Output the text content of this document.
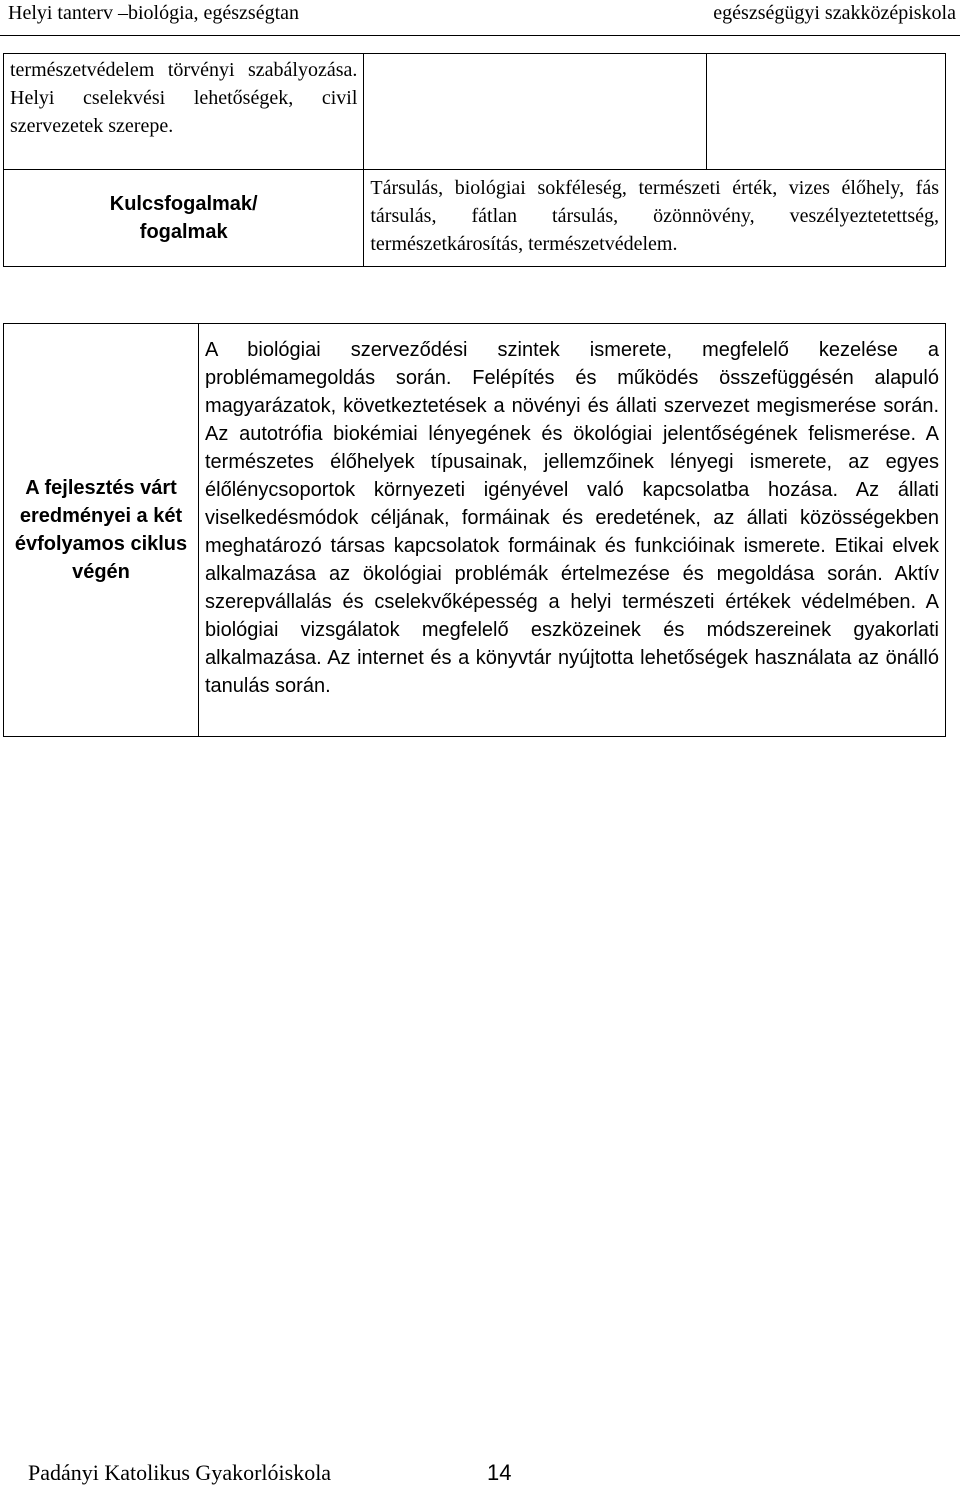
Helyi tanterv –biológia, egészségtan	egészségügyi szakközépiskola
természetvédelem törvényi szabályozása. Helyi cselekvési lehetőségek, civil szervezetek szerepe.		

Kulcsfogalmak/
fogalmak	Társulás, biológiai sokféleség, természeti érték, vizes élőhely, fás társulás, fátlan társulás, özönnövény, veszélyeztetettség, természetkárosítás, természetvédelem.	
A fejlesztés várt eredményei a két évfolyamos ciklus végén	A biológiai szerveződési szintek ismerete, megfelelő kezelése a problémamegoldás során. Felépítés és működés összefüggésén alapuló magyarázatok, következtetések a növényi és állati szervezet megismerése során. Az autotrófia biokémiai lényegének és ökológiai jelentőségének felismerése. A természetes élőhelyek típusainak, jellemzőinek lényegi ismerete, az egyes élőlénycsoportok környezeti igényével való kapcsolatba hozása. Az állati viselkedésmódok céljának, formáinak és eredetének, az állati közösségekben meghatározó társas kapcsolatok formáinak és funkcióinak ismerete. Etikai elvek alkalmazása az ökológiai problémák értelmezése és megoldása során. Aktív szerepvállalás és cselekvőképesség a helyi természeti értékek védelmében. A biológiai vizsgálatok megfelelő eszközeinek és módszereinek gyakorlati alkalmazása. Az internet és a könyvtár nyújtotta lehetőségek használata az önálló tanulás során.
Padányi Katolikus Gyakorlóiskola	14
